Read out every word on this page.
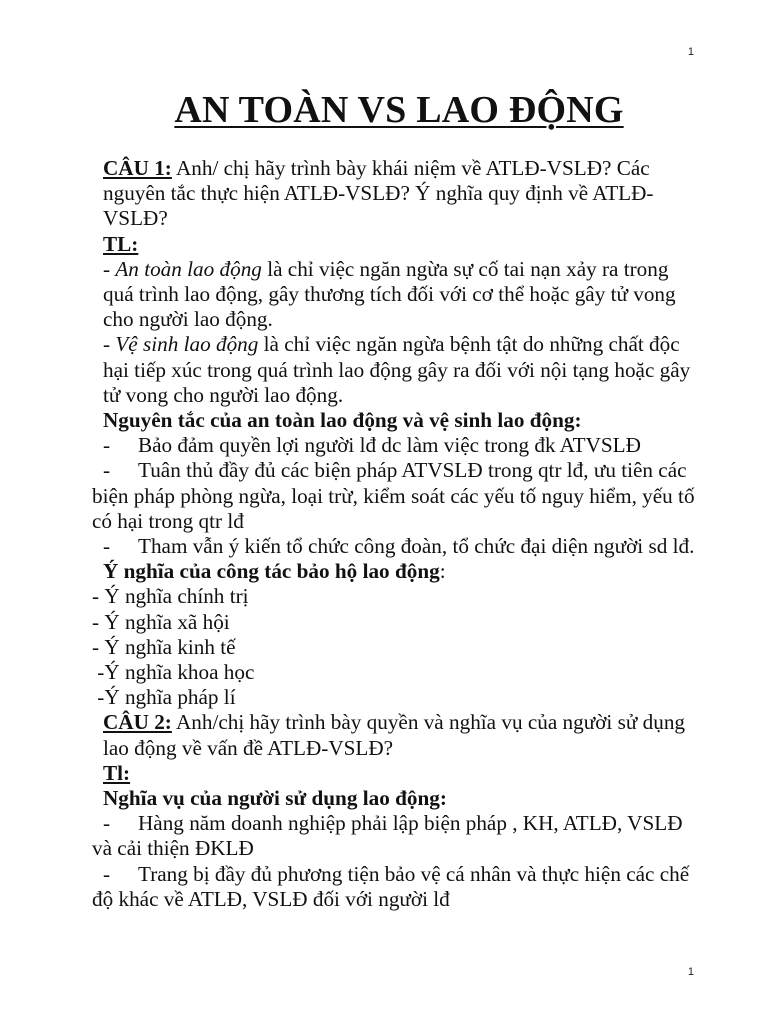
1
AN TOÀN VS LAO ĐỘNG

CÂU 1: Anh/ chị hãy trình bày khái niệm về ATLĐ-VSLĐ? Các nguyên tắc thực hiện ATLĐ-VSLĐ? Ý nghĩa quy định về ATLĐ-VSLĐ?

TL:

- An toàn lao động là chỉ việc ngăn ngừa sự cố tai nạn xảy ra trong quá trình lao động, gây thương tích đối với cơ thể hoặc gây tử vong cho người lao động.

- Vệ sinh lao động là chỉ việc ngăn ngừa bệnh tật do những chất độc hại tiếp xúc trong quá trình lao động gây ra đối với nội tạng hoặc gây tử vong cho người lao động.

Nguyên tắc của an toàn lao động và vệ sinh lao động:

- Bảo đảm quyền lợi người lđ dc làm việc trong đk ATVSLĐ

- Tuân thủ đầy đủ các biện pháp ATVSLĐ trong qtr lđ, ưu tiên các biện pháp phòng ngừa, loại trừ, kiểm soát các yếu tố nguy hiểm, yếu tố có hại trong qtr lđ

- Tham vẫn ý kiến tổ chức công đoàn, tổ chức đại diện người sd lđ.

Ý nghĩa của công tác bảo hộ lao động:

- Ý nghĩa chính trị

- Ý nghĩa xã hội

- Ý nghĩa kinh tế

-Ý nghĩa khoa học

-Ý nghĩa pháp lí

CÂU 2: Anh/chị hãy trình bày quyền và nghĩa vụ của người sử dụng lao động về vấn đề ATLĐ-VSLĐ?

Tl:

Nghĩa vụ của người sử dụng lao động:

- Hàng năm doanh nghiệp phải lập biện pháp , KH, ATLĐ, VSLĐ và cải thiện ĐKLĐ

- Trang bị đầy đủ phương tiện bảo vệ cá nhân và thực hiện các chế độ khác về ATLĐ, VSLĐ đối với người lđ

1
